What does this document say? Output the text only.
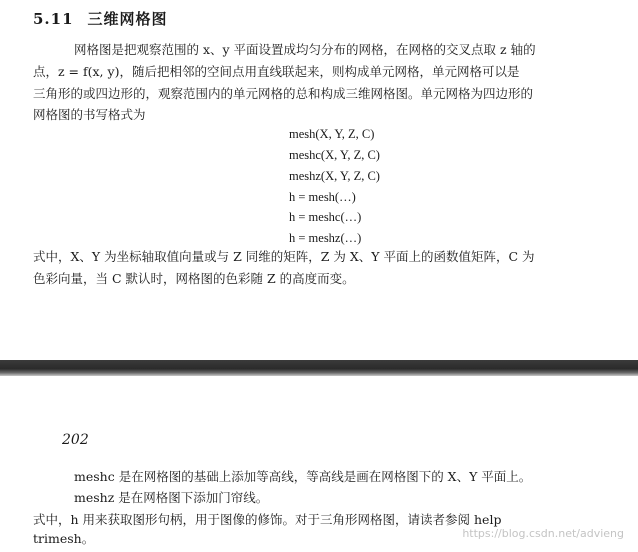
5.11 三维网格图
网格图是把观察范围的 x、y 平面设置成均匀分布的网格，在网格的交叉点取 z 轴的
点，z = f(x, y)，随后把相邻的空间点用直线联起来，则构成单元网格，单元网格可以是
三角形的或四边形的，观察范围内的单元网格的总和构成三维网格图。单元网格为四边形的
网格图的书写格式为
mesh(X, Y, Z, C)
meshc(X, Y, Z, C)
meshz(X, Y, Z, C)
h = mesh(…)
h = meshc(…)
h = meshz(…)
式中，X、Y 为坐标轴取值向量或与 Z 同维的矩阵，Z 为 X、Y 平面上的函数值矩阵，C 为
色彩向量，当 C 默认时，网格图的色彩随 Z 的高度而变。
202
meshc 是在网格图的基础上添加等高线，等高线是画在网格图下的 X、Y 平面上。
meshz 是在网格图下添加门帘线。
式中，h 用来获取图形句柄，用于图像的修饰。对于三角形网格图，请读者参阅 help
trimesh。	https://blog.csdn.net/advieng
